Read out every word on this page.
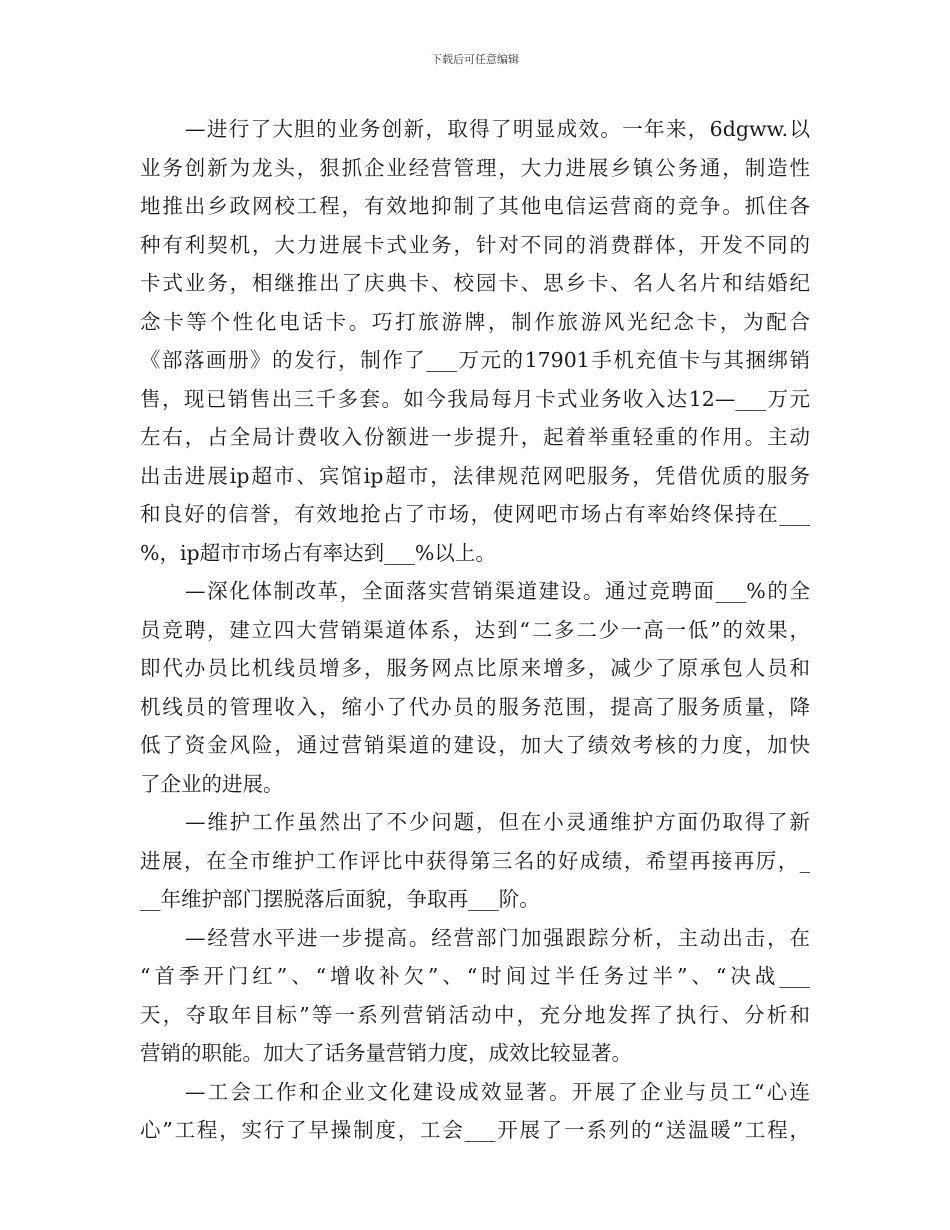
下载后可任意编辑
—进行了大胆的业务创新，取得了明显成效。一年来，6dgww.以
业务创新为龙头，狠抓企业经营管理，大力进展乡镇公务通，制造性
地推出乡政网校工程，有效地抑制了其他电信运营商的竞争。抓住各
种有利契机，大力进展卡式业务，针对不同的消费群体，开发不同的
卡式业务，相继推出了庆典卡、校园卡、思乡卡、名人名片和结婚纪
念卡等个性化电话卡。巧打旅游牌，制作旅游风光纪念卡，为配合
《部落画册》的发行，制作了___万元的17901手机充值卡与其捆绑销
售，现已销售出三千多套。如今我局每月卡式业务收入达12—___万元
左右，占全局计费收入份额进一步提升，起着举重轻重的作用。主动
出击进展ip超市、宾馆ip超市，法律规范网吧服务，凭借优质的服务
和良好的信誉，有效地抢占了市场，使网吧市场占有率始终保持在___
%，ip超市市场占有率达到___%以上。
—深化体制改革，全面落实营销渠道建设。通过竞聘面___%的全
员竞聘，建立四大营销渠道体系，达到“二多二少一高一低”的效果，
即代办员比机线员增多，服务网点比原来增多，减少了原承包人员和
机线员的管理收入，缩小了代办员的服务范围，提高了服务质量，降
低了资金风险，通过营销渠道的建设，加大了绩效考核的力度，加快
了企业的进展。
—维护工作虽然出了不少问题，但在小灵通维护方面仍取得了新
进展，在全市维护工作评比中获得第三名的好成绩，希望再接再厉，_
__年维护部门摆脱落后面貌，争取再___阶。
—经营水平进一步提高。经营部门加强跟踪分析，主动出击，在
“首季开门红”、“增收补欠”、“时间过半任务过半”、“决战___
天，夺取年目标”等一系列营销活动中，充分地发挥了执行、分析和
营销的职能。加大了话务量营销力度，成效比较显著。
—工会工作和企业文化建设成效显著。开展了企业与员工“心连
心”工程，实行了早操制度，工会___开展了一系列的“送温暖”工程，
